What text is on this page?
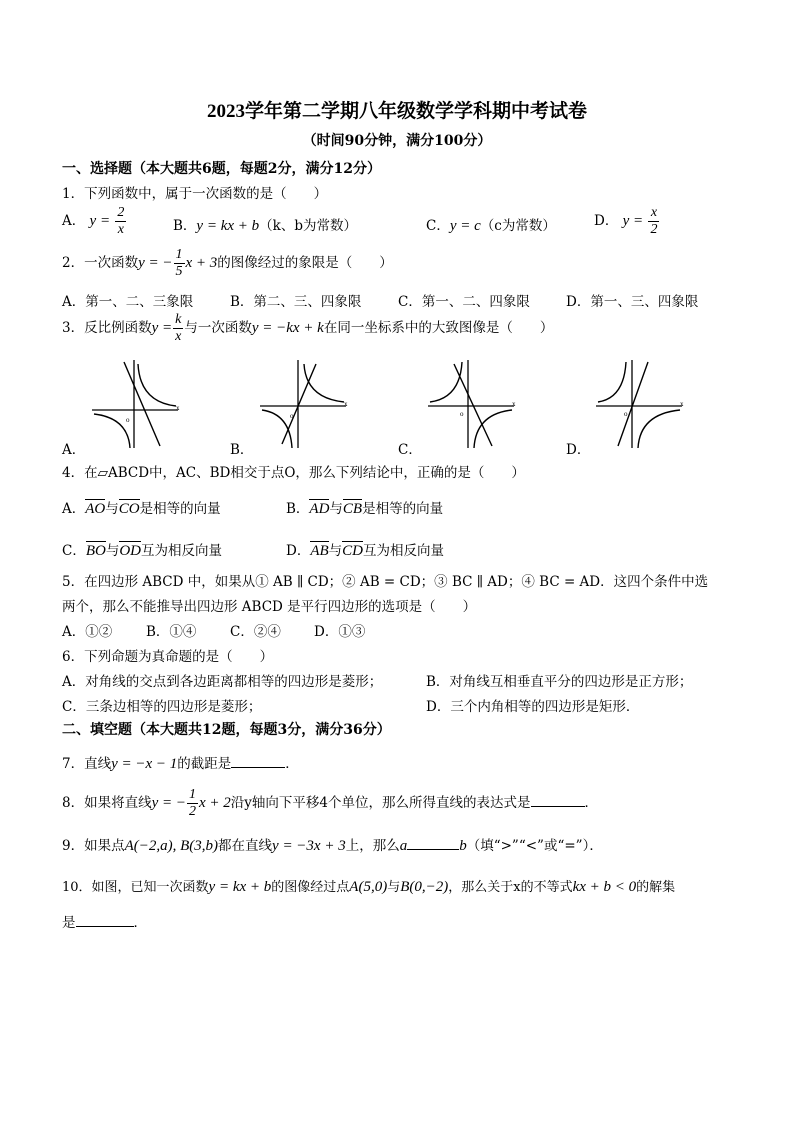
2023学年第二学期八年级数学学科期中考试卷
（时间90分钟，满分100分）
一、选择题（本大题共6题，每题2分，满分12分）
1．下列函数中，属于一次函数的是（　　）
A． $y = \frac{2}{x}$	B．y = kx + b（k、b为常数）	C．y = c（c为常数）	D． $y = \frac{x}{2}$
2．一次函数y = − $\frac{1}{5}$ x + 3的图像经过的象限是（　　）
A．第一、二、三象限	B．第二、三、四象限	C．第一、二、四象限	D．第一、三、四象限
3．反比例函数$y = \frac{k}{x}$ 与一次函数y = −kx + k在同一坐标系中的大致图像是（　　）
o
x
o
x
o
x
o
x
A．	B．	C．	D．
4．在▱ABCD中，AC、BD相交于点O，那么下列结论中，正确的是（　　）
A．AO与CO是相等的向量	B．AD与CB是相等的向量
C．BO与OD互为相反向量	D．AB与CD互为相反向量
5．在四边形 ABCD 中，如果从① AB ∥ CD；② AB = CD；③ BC ∥ AD；④ BC = AD．这四个条件中选
两个，那么不能推导出四边形 ABCD 是平行四边形的选项是（　　）
A．①②	B．①④ C．②④ D．①③
6．下列命题为真命题的是（　　）
A．对角线的交点到各边距离都相等的四边形是菱形；	B．对角线互相垂直平分的四边形是正方形；
C．三条边相等的四边形是菱形；	D．三个内角相等的四边形是矩形．
二、填空题（本大题共12题，每题3分，满分36分）
7．直线y = −x − 1的截距是	．
8．如果将直线y = − $\frac{1}{2}$ x + 2沿y轴向下平移4个单位，那么所得直线的表达式是	．
9．如果点A(−2,a), B(3,b)都在直线y = −3x + 3上，那么a	b（填“>”“<”或“=”）．
10．如图，已知一次函数y = kx + b的图像经过点A(5,0)与B(0,−2)，那么关于x的不等式kx + b < 0的解集
是	．
